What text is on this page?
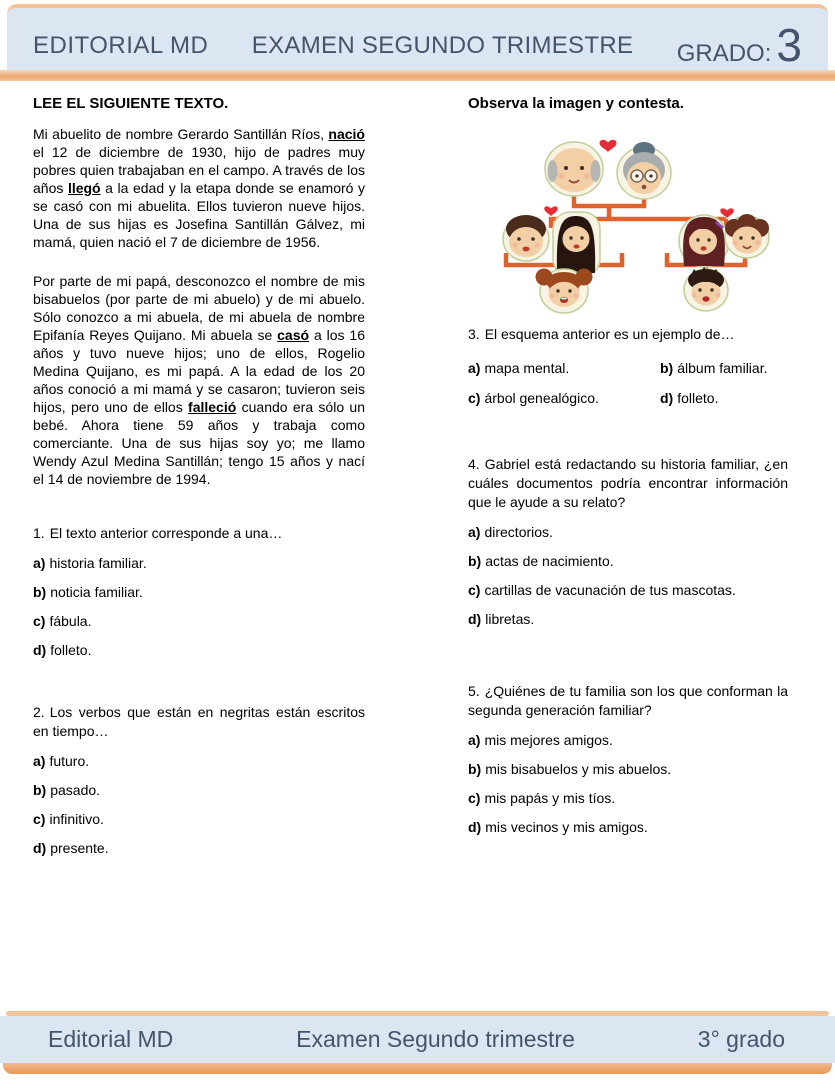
EDITORIAL MD EXAMEN SEGUNDO TRIMESTRE GRADO: 3
LEE EL SIGUIENTE TEXTO.

Mi abuelito de nombre Gerardo Santillán Ríos, nació el 12 de diciembre de 1930, hijo de padres muy pobres quien trabajaban en el campo. A través de los años llegó a la edad y la etapa donde se enamoró y se casó con mi abuelita. Ellos tuvieron nueve hijos. Una de sus hijas es Josefina Santillán Gálvez, mi mamá, quien nació el 7 de diciembre de 1956.

Por parte de mi papá, desconozco el nombre de mis bisabuelos (por parte de mi abuelo) y de mi abuelo. Sólo conozco a mi abuela, de mi abuela de nombre Epifanía Reyes Quijano. Mi abuela se casó a los 16 años y tuvo nueve hijos; uno de ellos, Rogelio Medina Quijano, es mi papá. A la edad de los 20 años conoció a mi mamá y se casaron; tuvieron seis hijos, pero uno de ellos falleció cuando era sólo un bebé. Ahora tiene 59 años y trabaja como comerciante. Una de sus hijas soy yo; me llamo Wendy Azul Medina Santillán; tengo 15 años y nací el 14 de noviembre de 1994.

1. El texto anterior corresponde a una…
a) historia familiar.
b) noticia familiar.
c) fábula.
d) folleto.
2. Los verbos que están en negritas están escritos en tiempo…
a) futuro.
b) pasado.
c) infinitivo.
d) presente.
Observa la imagen y contesta.
3. El esquema anterior es un ejemplo de…
a) mapa mental.	b) álbum familiar.
c) árbol genealógico.	d) folleto.
4. Gabriel está redactando su historia familiar, ¿en cuáles documentos podría encontrar información que le ayude a su relato?
a) directorios.
b) actas de nacimiento.
c) cartillas de vacunación de tus mascotas.
d) libretas.
5. ¿Quiénes de tu familia son los que conforman la segunda generación familiar?
a) mis mejores amigos.
b) mis bisabuelos y mis abuelos.
c) mis papás y mis tíos.
d) mis vecinos y mis amigos.
Editorial MD	Examen Segundo trimestre	3° grado
